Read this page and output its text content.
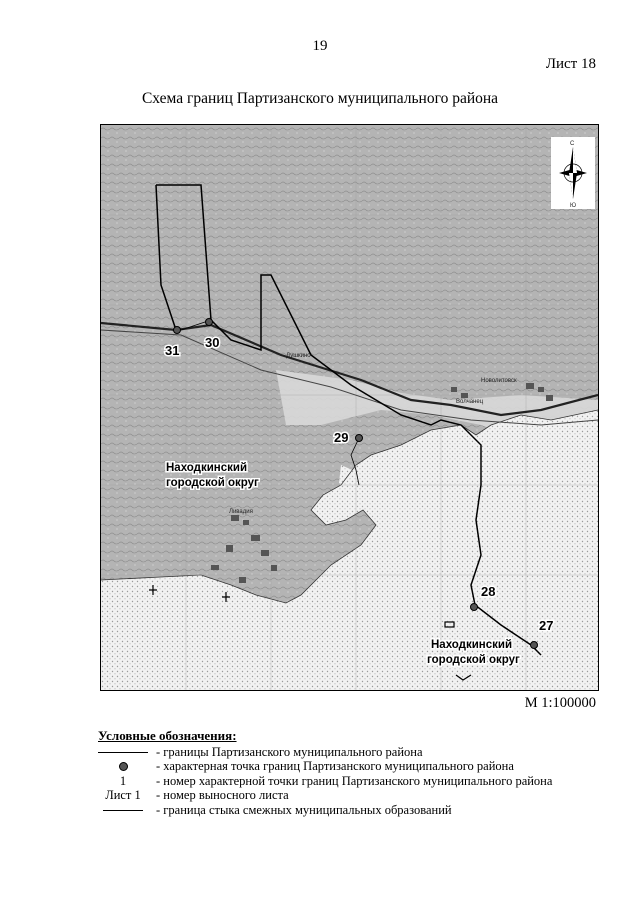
19
Лист 18
Схема границ Партизанского муниципального района
Душкино
Волчанец
Новолитовск
Ливадия
С
Ю
31
30
29
28
27
Находкинский
городской округ
Находкинский
городской округ
М 1:100000
Условные обозначения:
- границы Партизанского муниципального района
- характерная точка границ Партизанского муниципального района
1 - номер характерной точки границ Партизанского муниципального района
Лист 1 - номер выносного листа
- граница стыка смежных муниципальных образований
